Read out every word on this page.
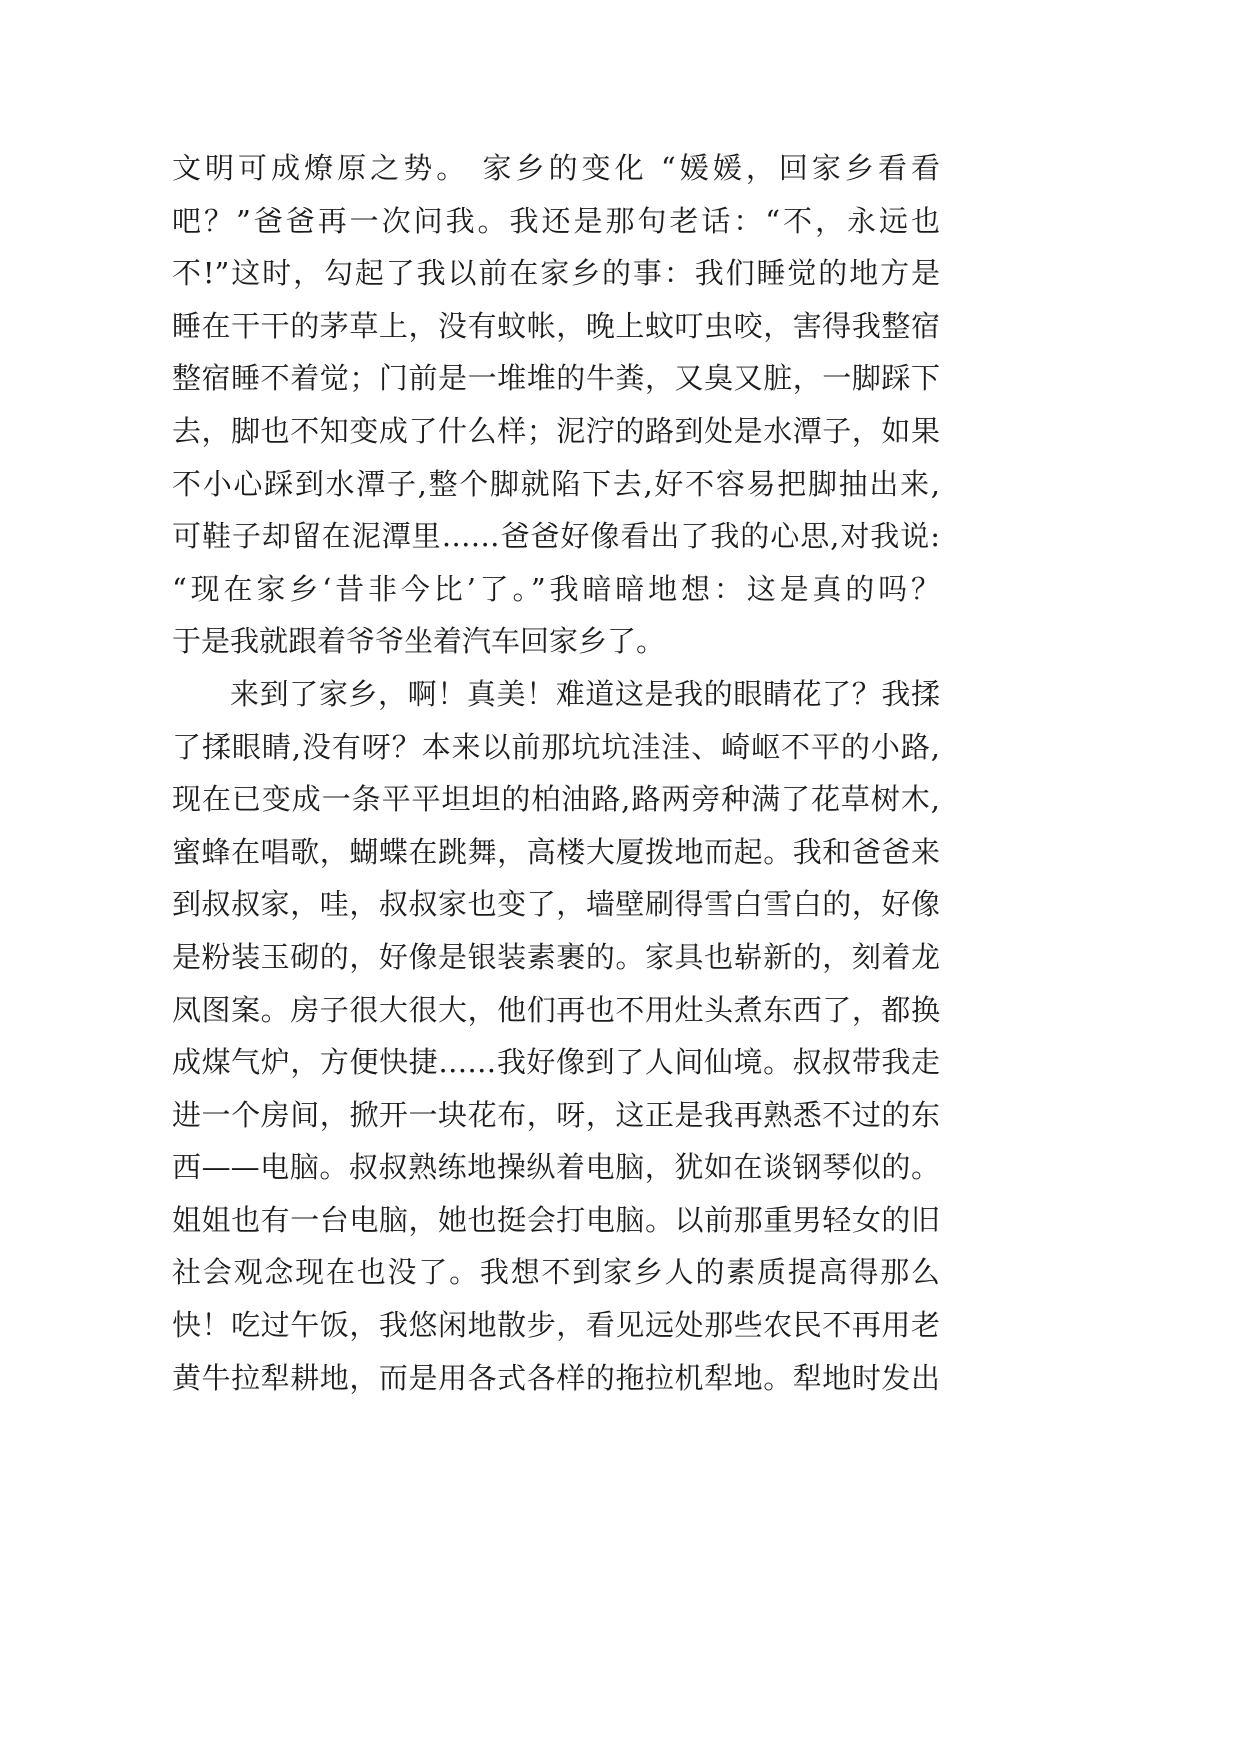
文明可成燎原之势。 家乡的变化 “媛媛，回家乡看看
吧？”爸爸再一次问我。我还是那句老话：“不，永远也
不!”这时，勾起了我以前在家乡的事：我们睡觉的地方是
睡在干干的茅草上，没有蚊帐，晚上蚊叮虫咬，害得我整宿
整宿睡不着觉；门前是一堆堆的牛粪，又臭又脏，一脚踩下
去，脚也不知变成了什么样；泥泞的路到处是水潭子，如果
不小心踩到水潭子,整个脚就陷下去,好不容易把脚抽出来,
可鞋子却留在泥潭里……爸爸好像看出了我的心思,对我说:
“现在家乡‘昔非今比’了。”我暗暗地想：这是真的吗？
于是我就跟着爷爷坐着汽车回家乡了。
来到了家乡，啊！真美！难道这是我的眼睛花了？我揉
了揉眼睛,没有呀？本来以前那坑坑洼洼、崎岖不平的小路,
现在已变成一条平平坦坦的柏油路,路两旁种满了花草树木,
蜜蜂在唱歌，蝴蝶在跳舞，高楼大厦拨地而起。我和爸爸来
到叔叔家，哇，叔叔家也变了，墙壁刷得雪白雪白的，好像
是粉装玉砌的，好像是银装素裹的。家具也崭新的，刻着龙
凤图案。房子很大很大，他们再也不用灶头煮东西了，都换
成煤气炉，方便快捷……我好像到了人间仙境。叔叔带我走
进一个房间，掀开一块花布，呀，这正是我再熟悉不过的东
西——电脑。叔叔熟练地操纵着电脑，犹如在谈钢琴似的。
姐姐也有一台电脑，她也挺会打电脑。以前那重男轻女的旧
社会观念现在也没了。我想不到家乡人的素质提高得那么
快！吃过午饭，我悠闲地散步，看见远处那些农民不再用老
黄牛拉犁耕地，而是用各式各样的拖拉机犁地。犁地时发出
